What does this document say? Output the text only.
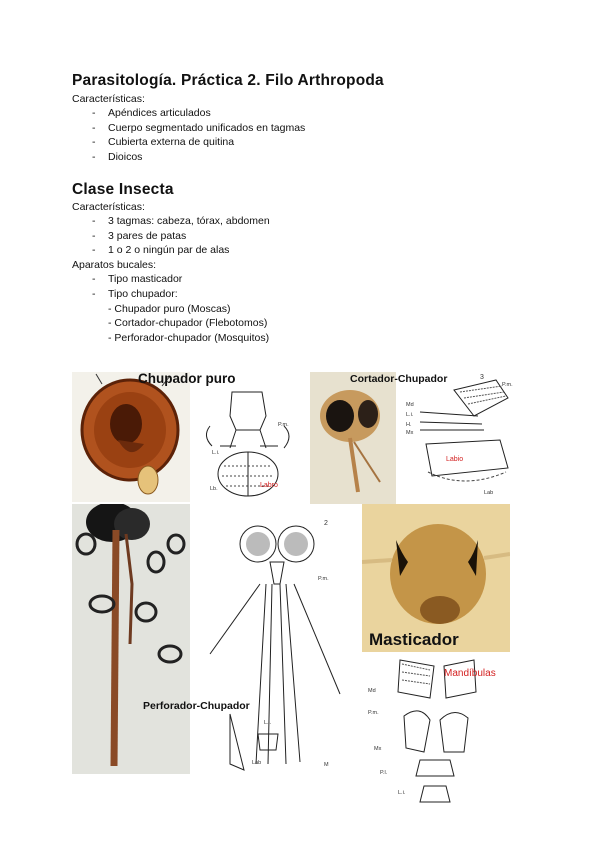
Parasitología. Práctica 2. Filo Arthropoda
Características:
- Apéndices articulados
- Cuerpo segmentado unificados en tagmas
- Cubierta externa de quitina
- Dioicos
Clase Insecta
Características:
- 3 tagmas: cabeza, tórax, abdomen
- 3 pares de patas
- 1 o 2 o ningún par de alas
Aparatos bucales:
- Tipo masticador
- Tipo chupador:
- Chupador puro (Moscas)
- Cortador-chupador (Flebotomos)
- Perforador-chupador (Mosquitos)
Chupador puro
P.m.
L.i.
Lb.	Labro
Cortador-Chupador	3
P.m.
Md
L.i.
H.
Mx
Labio
Lab
2
P.m.
L.i.
Lab	M
Perforador-Chupador
Masticador
Md
P.m.
Mx
P.l.
L.i.
Mandíbulas
